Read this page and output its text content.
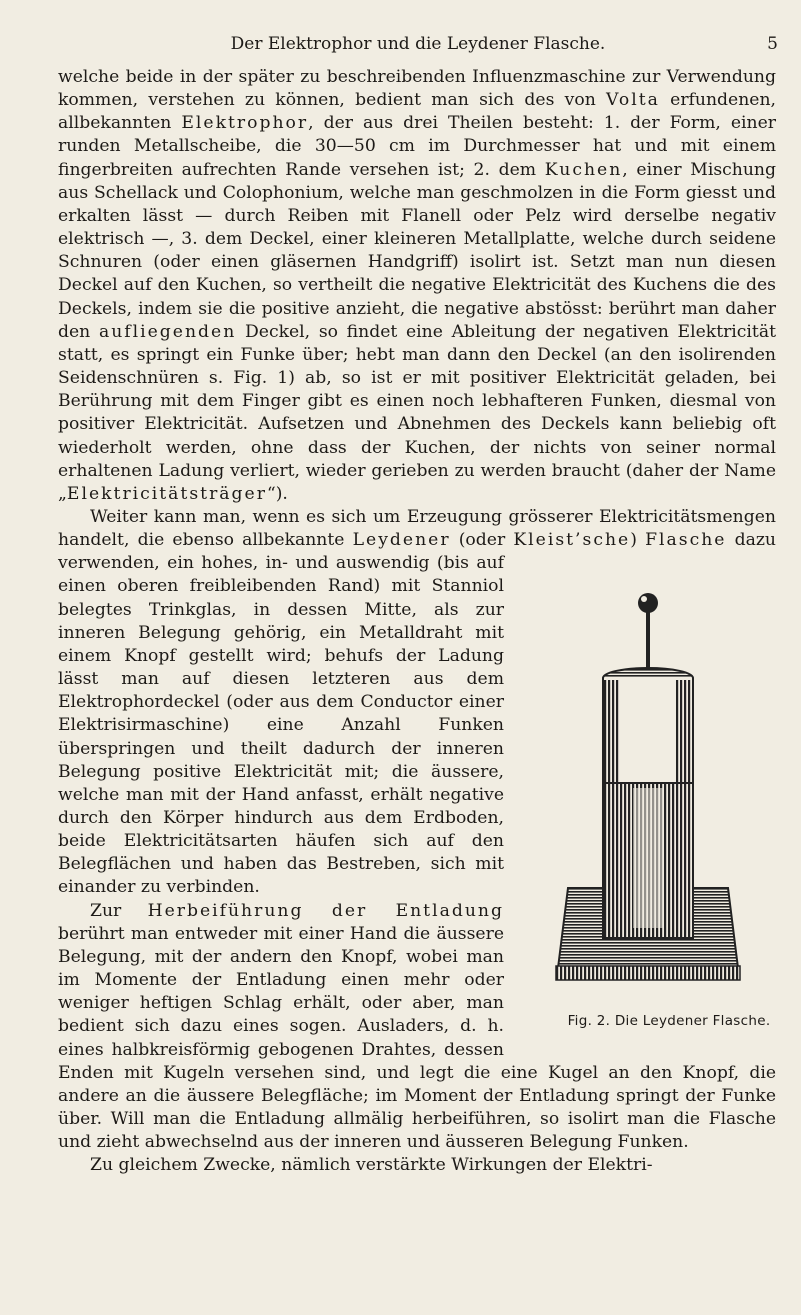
Der Elektrophor und die Leydener Flasche.	5

welche beide in der später zu beschreibenden Influenzmaschine zur Verwendung kommen, verstehen zu können, bedient man sich des von Volta erfundenen, allbekannten Elektrophor, der aus drei Theilen besteht: 1. der Form, einer runden Metallscheibe, die 30—50 cm im Durchmesser hat und mit einem fingerbreiten aufrechten Rande versehen ist; 2. dem Kuchen, einer Mischung aus Schellack und Colophonium, welche man geschmolzen in die Form giesst und erkalten lässt — durch Reiben mit Flanell oder Pelz wird derselbe negativ elektrisch —, 3. dem Deckel, einer kleineren Metallplatte, welche durch seidene Schnuren (oder einen gläsernen Handgriff) isolirt ist. Setzt man nun diesen Deckel auf den Kuchen, so vertheilt die negative Elektricität des Kuchens die des Deckels, indem sie die positive anzieht, die negative abstösst: berührt man daher den aufliegenden Deckel, so findet eine Ableitung der negativen Elektricität statt, es springt ein Funke über; hebt man dann den Deckel (an den isolirenden Seidenschnüren s. Fig. 1) ab, so ist er mit positiver Elektricität geladen, bei Berührung mit dem Finger gibt es einen noch lebhafteren Funken, diesmal von positiver Elektricität. Aufsetzen und Abnehmen des Deckels kann beliebig oft wiederholt werden, ohne dass der Kuchen, der nichts von seiner normal erhaltenen Ladung verliert, wieder gerieben zu werden braucht (daher der Name „Elektricitätsträger“).

Weiter kann man, wenn es sich um Erzeugung grösserer Elektricitätsmengen handelt, die ebenso allbekannte Leydener (oder Kleist’sche) Flasche
Fig. 2. Die Leydener Flasche.
dazu verwenden, ein hohes, in- und auswendig (bis auf einen oberen freibleibenden Rand) mit Stanniol belegtes Trinkglas, in dessen Mitte, als zur inneren Belegung gehörig, ein Metalldraht mit einem Knopf gestellt wird; behufs der Ladung lässt man auf diesen letzteren aus dem Elektrophordeckel (oder aus dem Conductor einer Elektrisirmaschine) eine Anzahl Funken überspringen und theilt dadurch der inneren Belegung positive Elektricität mit; die äussere, welche man mit der Hand anfasst, erhält negative durch den Körper hindurch aus dem Erdboden, beide Elektricitätsarten häufen sich auf den Belegflächen und haben das Bestreben, sich mit einander zu verbinden.

Zur Herbeiführung der Entladung berührt man entweder mit einer Hand die äussere Belegung, mit der andern den Knopf, wobei man im Momente der Entladung einen mehr oder weniger heftigen Schlag erhält, oder aber, man bedient sich dazu eines sogen. Ausladers, d. h. eines halbkreisförmig gebogenen Drahtes, dessen Enden mit Kugeln versehen sind, und legt die eine Kugel an den Knopf, die andere an die äussere Belegfläche; im Moment der Entladung springt der Funke über. Will man die Entladung allmälig herbeiführen, so isolirt man die Flasche und zieht abwechselnd aus der inneren und äusseren Belegung Funken.

Zu gleichem Zwecke, nämlich verstärkte Wirkungen der Elektri-
